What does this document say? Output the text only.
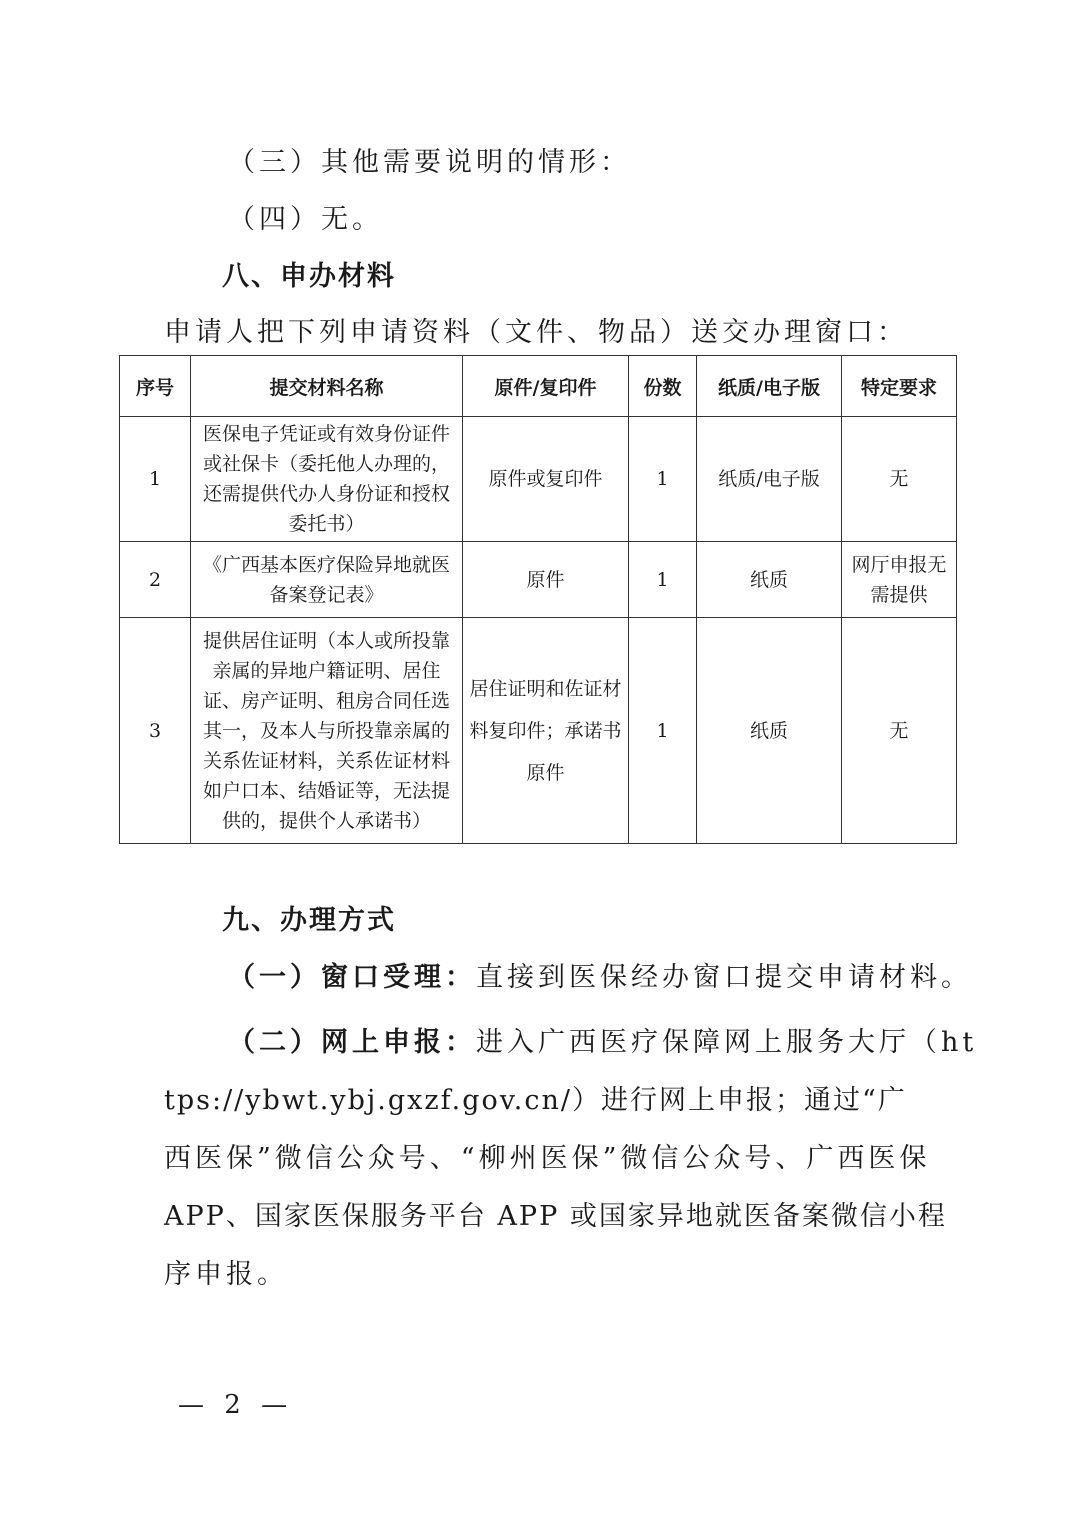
（三）其他需要说明的情形：
（四）无。
八、申办材料
申请人把下列申请资料（文件、物品）送交办理窗口：
序号	提交材料名称	原件/复印件	份数	纸质/电子版	特定要求
1	医保电子凭证或有效身份证件或社保卡（委托他人办理的，还需提供代办人身份证和授权委托书）	原件或复印件	1	纸质/电子版	无
2	《广西基本医疗保险异地就医备案登记表》	原件	1	纸质	网厅申报无需提供
3	提供居住证明（本人或所投靠亲属的异地户籍证明、居住证、房产证明、租房合同任选其一，及本人与所投靠亲属的关系佐证材料，关系佐证材料如户口本、结婚证等，无法提供的，提供个人承诺书）	居住证明和佐证材料复印件；承诺书原件	1	纸质	无
九、办理方式
（一）窗口受理：直接到医保经办窗口提交申请材料。
（二）网上申报：进入广西医疗保障网上服务大厅（ht
tps://ybwt.ybj.gxzf.gov.cn/）进行网上申报；通过“广
西医保”微信公众号、“柳州医保”微信公众号、广西医保
APP、国家医保服务平台 APP 或国家异地就医备案微信小程
序申报。
— 2 —
